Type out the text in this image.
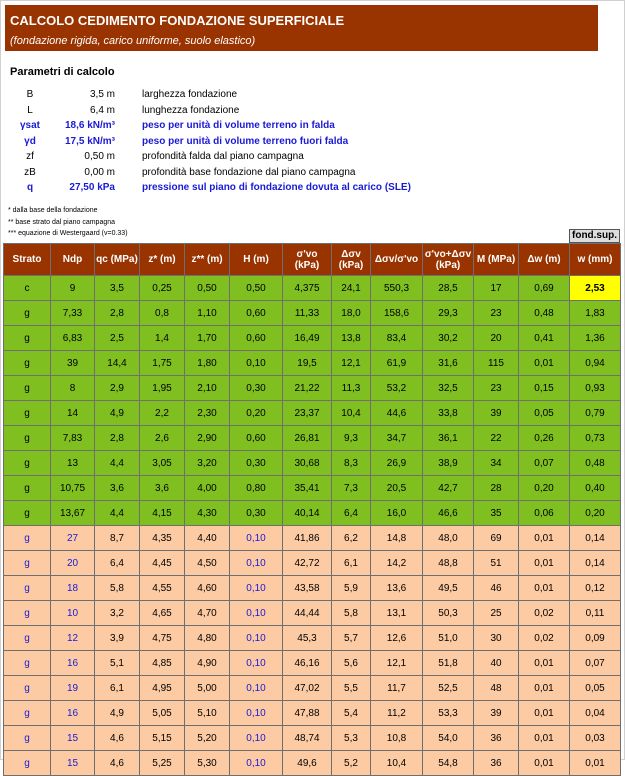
CALCOLO CEDIMENTO FONDAZIONE SUPERFICIALE
(fondazione rigida, carico uniforme, suolo elastico)
Parametri di calcolo
B	3,5 m	larghezza fondazione
L	6,4 m	lunghezza fondazione
γsat	18,6 kN/m³	peso per unità di volume terreno in falda
γd	17,5 kN/m³	peso per unità di volume terreno fuori falda
zf	0,50 m	profondità falda dal piano campagna
zB	0,00 m	profondità base fondazione dal piano campagna
q	27,50 kPa	pressione sul piano di fondazione dovuta al carico (SLE)
* dalla base della fondazione
** base strato dal piano campagna
*** equazione di Westergaard (v=0.33)	fond.sup.
Strato	Ndp	qc (MPa)	z* (m)	z** (m)	H (m)	σ'vo (kPa)	Δσv (kPa)	Δσv/σ'vo	σ'vo+Δσv (kPa)	M (MPa)	Δw (m)	w (mm)
c	9	3,5	0,25	0,50	0,50	4,375	24,1	550,3	28,5	17	0,69	2,53
g	7,33	2,8	0,8	1,10	0,60	11,33	18,0	158,6	29,3	23	0,48	1,83
g	6,83	2,5	1,4	1,70	0,60	16,49	13,8	83,4	30,2	20	0,41	1,36
g	39	14,4	1,75	1,80	0,10	19,5	12,1	61,9	31,6	115	0,01	0,94
g	8	2,9	1,95	2,10	0,30	21,22	11,3	53,2	32,5	23	0,15	0,93
g	14	4,9	2,2	2,30	0,20	23,37	10,4	44,6	33,8	39	0,05	0,79
g	7,83	2,8	2,6	2,90	0,60	26,81	9,3	34,7	36,1	22	0,26	0,73
g	13	4,4	3,05	3,20	0,30	30,68	8,3	26,9	38,9	34	0,07	0,48
g	10,75	3,6	3,6	4,00	0,80	35,41	7,3	20,5	42,7	28	0,20	0,40
g	13,67	4,4	4,15	4,30	0,30	40,14	6,4	16,0	46,6	35	0,06	0,20
g	27	8,7	4,35	4,40	0,10	41,86	6,2	14,8	48,0	69	0,01	0,14
g	20	6,4	4,45	4,50	0,10	42,72	6,1	14,2	48,8	51	0,01	0,14
g	18	5,8	4,55	4,60	0,10	43,58	5,9	13,6	49,5	46	0,01	0,12
g	10	3,2	4,65	4,70	0,10	44,44	5,8	13,1	50,3	25	0,02	0,11
g	12	3,9	4,75	4,80	0,10	45,3	5,7	12,6	51,0	30	0,02	0,09
g	16	5,1	4,85	4,90	0,10	46,16	5,6	12,1	51,8	40	0,01	0,07
g	19	6,1	4,95	5,00	0,10	47,02	5,5	11,7	52,5	48	0,01	0,05
g	16	4,9	5,05	5,10	0,10	47,88	5,4	11,2	53,3	39	0,01	0,04
g	15	4,6	5,15	5,20	0,10	48,74	5,3	10,8	54,0	36	0,01	0,03
g	15	4,6	5,25	5,30	0,10	49,6	5,2	10,4	54,8	36	0,01	0,01
